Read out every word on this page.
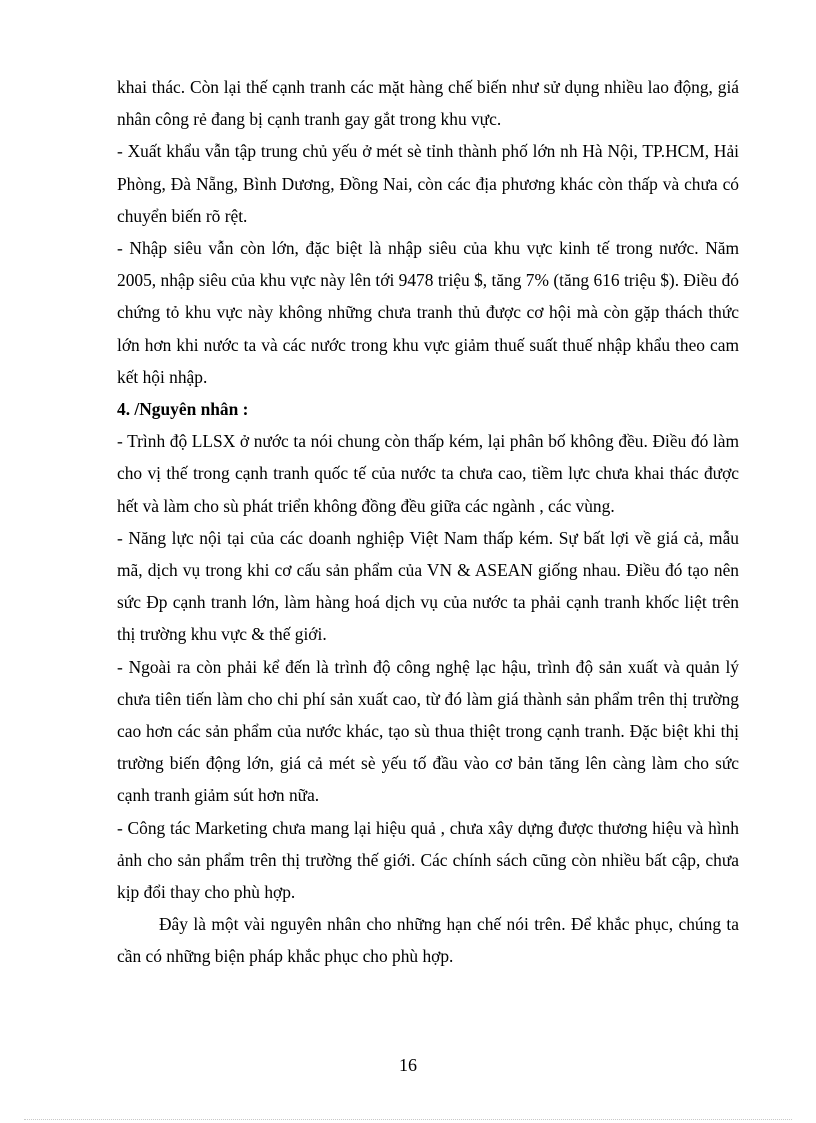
khai thác. Còn lại thế cạnh tranh các mặt hàng chế biến như sử dụng nhiều lao động, giá nhân công rẻ đang bị cạnh tranh gay gắt trong khu vực.

- Xuất khẩu vẫn tập trung chủ yếu ở mét sè tỉnh thành phố lớn nh Hà Nội, TP.HCM, Hải Phòng, Đà Nẵng, Bình Dương, Đồng Nai, còn các địa phương khác còn thấp và chưa có chuyển biến rõ rệt.

- Nhập siêu vẫn còn lớn, đặc biệt là nhập siêu của khu vực kinh tế trong nước. Năm 2005, nhập siêu của khu vực này lên tới 9478 triệu $, tăng 7% (tăng 616 triệu $). Điều đó chứng tỏ khu vực này không những chưa tranh thủ được cơ hội mà còn gặp thách thức lớn hơn khi nước ta và các nước trong khu vực giảm thuế suất thuế nhập khẩu theo cam kết hội nhập.

4. /Nguyên nhân :

- Trình độ LLSX ở nước ta nói chung còn thấp kém, lại phân bố không đều. Điều đó làm cho vị thế trong cạnh tranh quốc tế của nước ta chưa cao, tiềm lực chưa khai thác được hết và làm cho sù phát triển không đồng đều giữa các ngành , các vùng.

- Năng lực nội tại của các doanh nghiệp Việt Nam thấp kém. Sự bất lợi về giá cả, mẫu mã, dịch vụ trong khi cơ cấu sản phẩm của VN & ASEAN giống nhau. Điều đó tạo nên sức Đp cạnh tranh lớn, làm hàng hoá dịch vụ của nước ta phải cạnh tranh khốc liệt trên thị trường khu vực & thế giới.

- Ngoài ra còn phải kể đến là trình độ công nghệ lạc hậu, trình độ sản xuất và quản lý chưa tiên tiến làm cho chi phí sản xuất cao, từ đó làm giá thành sản phẩm trên thị trường cao hơn các sản phẩm của nước khác, tạo sù thua thiệt trong cạnh tranh. Đặc biệt khi thị trường biến động lớn, giá cả mét sè yếu tố đầu vào cơ bản tăng lên càng làm cho sức cạnh tranh giảm sút hơn nữa.

- Công tác Marketing chưa mang lại hiệu quả , chưa xây dựng được thương hiệu và hình ảnh cho sản phẩm trên thị trường thế giới. Các chính sách cũng còn nhiều bất cập, chưa kịp đổi thay cho phù hợp.

Đây là một vài nguyên nhân cho những hạn chế nói trên. Để khắc phục, chúng ta cần có những biện pháp khắc phục cho phù hợp.

16
